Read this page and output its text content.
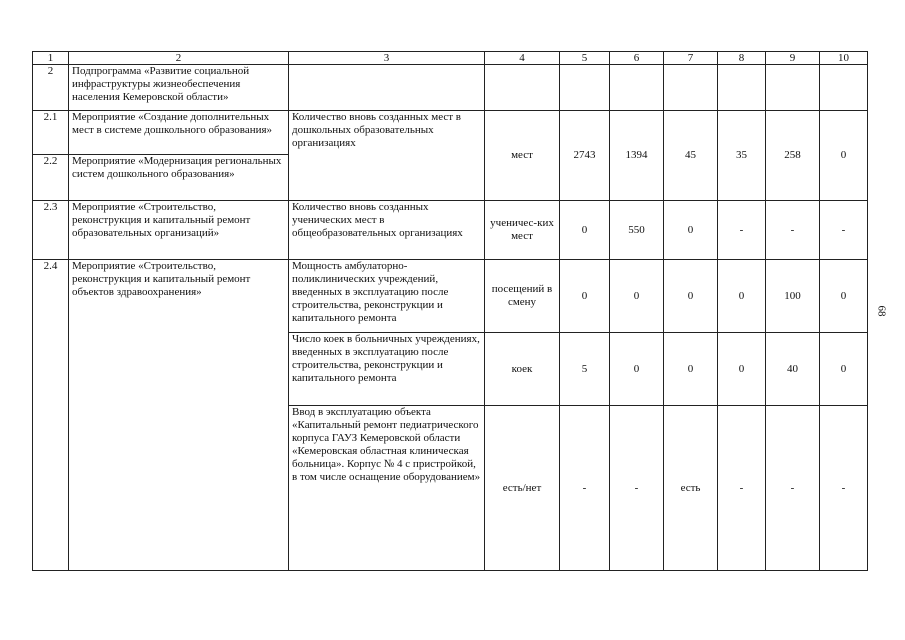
1	2	3	4	5	6	7	8	9	10
2	Подпрограмма «Развитие социальной инфраструктуры жизнеобеспечения населения Кемеровской области»								
2.1	Мероприятие «Создание дополнительных мест в системе дошкольного образования»	Количество вновь созданных мест в дошкольных образовательных организациях	мест	2743	1394	45	35	258	0
2.2	Мероприятие «Модернизация региональных систем дошкольного образования»								
2.3	Мероприятие «Строительство, реконструкция и капитальный ремонт образовательных организаций»	Количество вновь созданных ученических мест в общеобразовательных организациях	ученичес-ких мест	0	550	0	-	-	-
2.4	Мероприятие «Строительство, реконструкция и капитальный ремонт объектов здравоохранения»	Мощность амбулаторно-поликлинических учреждений, введенных в эксплуатацию после строительства, реконструкции и капитального ремонта	посещений в смену	0	0	0	0	100	0
		Число коек в больничных учреждениях, введенных в эксплуатацию после строительства, реконструкции и капитального ремонта	коек	5	0	0	0	40	0
		Ввод в эксплуатацию объекта «Капитальный ремонт педиатрического корпуса ГАУЗ Кемеровской области «Кемеровская областная клиническая больница». Корпус № 4 с пристройкой, в том числе оснащение оборудованием»	есть/нет	-	-	есть	-	-	-
68
